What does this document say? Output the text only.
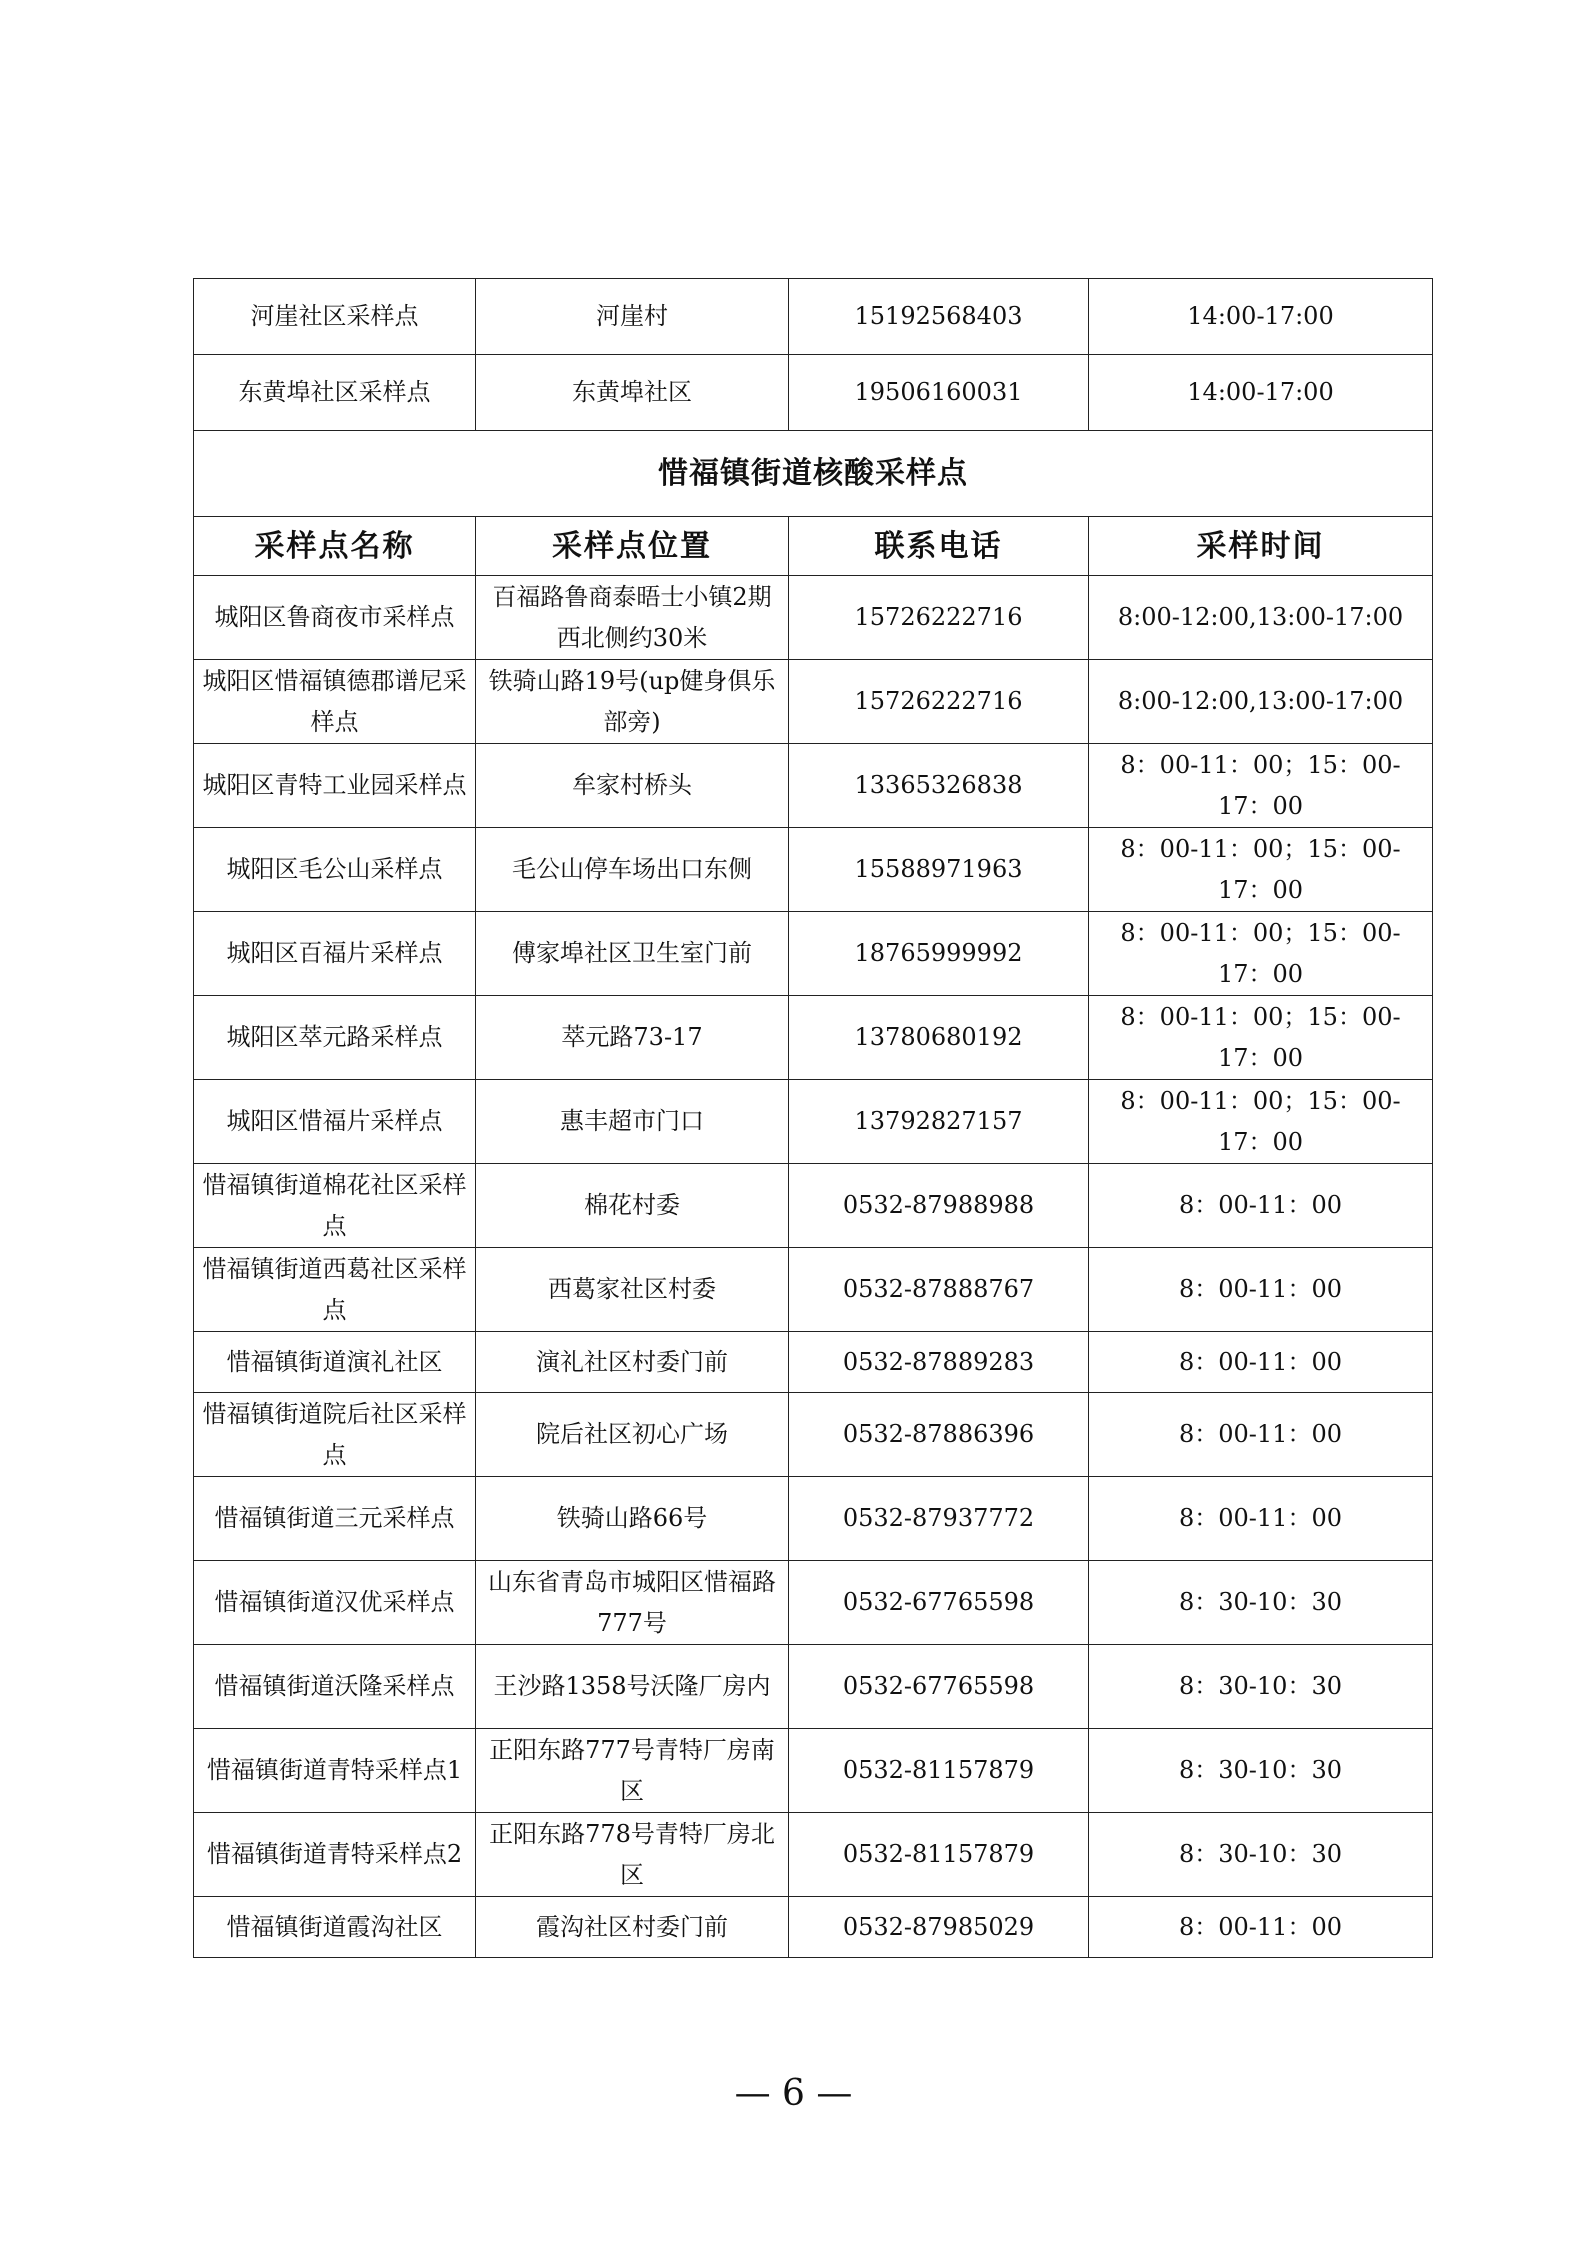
河崖社区采样点	河崖村	15192568403	14:00-17:00
东黄埠社区采样点	东黄埠社区	19506160031	14:00-17:00
惜福镇街道核酸采样点			
采样点名称	采样点位置	联系电话	采样时间
城阳区鲁商夜市采样点	百福路鲁商泰晤士小镇2期西北侧约30米	15726222716	8:00-12:00,13:00-17:00
城阳区惜福镇德郡谱尼采样点	铁骑山路19号(up健身俱乐部旁)	15726222716	8:00-12:00,13:00-17:00
城阳区青特工业园采样点	牟家村桥头	13365326838	8：00-11：00；15：00-17：00
城阳区毛公山采样点	毛公山停车场出口东侧	15588971963	8：00-11：00；15：00-17：00
城阳区百福片采样点	傅家埠社区卫生室门前	18765999992	8：00-11：00；15：00-17：00
城阳区萃元路采样点	萃元路73-17	13780680192	8：00-11：00；15：00-17：00
城阳区惜福片采样点	惠丰超市门口	13792827157	8：00-11：00；15：00-17：00
惜福镇街道棉花社区采样点	棉花村委	0532-87988988	8：00-11：00
惜福镇街道西葛社区采样点	西葛家社区村委	0532-87888767	8：00-11：00
惜福镇街道演礼社区	演礼社区村委门前	0532-87889283	8：00-11：00
惜福镇街道院后社区采样点	院后社区初心广场	0532-87886396	8：00-11：00
惜福镇街道三元采样点	铁骑山路66号	0532-87937772	8：00-11：00
惜福镇街道汉优采样点	山东省青岛市城阳区惜福路777号	0532-67765598	8：30-10：30
惜福镇街道沃隆采样点	王沙路1358号沃隆厂房内	0532-67765598	8：30-10：30
惜福镇街道青特采样点1	正阳东路777号青特厂房南区	0532-81157879	8：30-10：30
惜福镇街道青特采样点2	正阳东路778号青特厂房北区	0532-81157879	8：30-10：30
惜福镇街道霞沟社区	霞沟社区村委门前	0532-87985029	8：00-11：00
— 6 —
